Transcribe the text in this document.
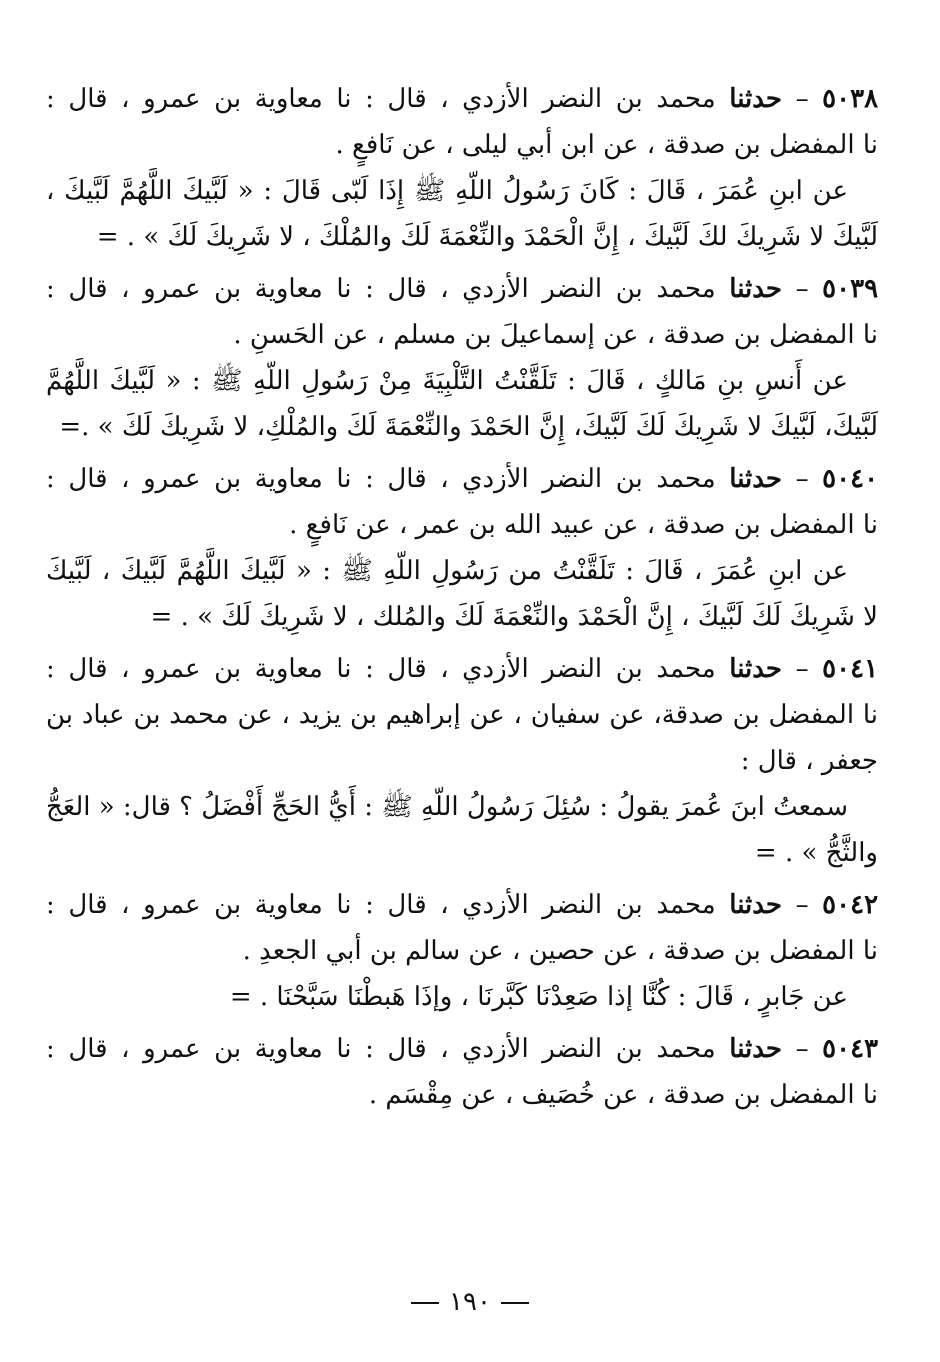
٥٠٣٨ – حدثنا محمد بن النضر الأزدي ، قال : نا معاوية بن عمرو ، قال :
نا المفضل بن صدقة ، عن ابن أبي ليلى ، عن نَافعٍ .
عن ابنِ عُمَرَ ، قَالَ : كَانَ رَسُولُ اللّهِ ﷺ إِذَا لَبّى قَالَ : « لَبَّيكَ اللَّهُمَّ لَبَّيكَ ،
لَبَّيكَ لا شَرِيكَ لكَ لَبَّيكَ ، إِنَّ الْحَمْدَ والنِّعْمَةَ لَكَ والمُلْكَ ، لا شَرِيكَ لَكَ » . =
٥٠٣٩ – حدثنا محمد بن النضر الأزدي ، قال : نا معاوية بن عمرو ، قال :
نا المفضل بن صدقة ، عن إسماعيلَ بن مسلم ، عن الحَسنِ .
عن أَنسِ بنِ مَالكٍ ، قَالَ : تَلَقَّنْتُ التَّلْبِيَةَ مِنْ رَسُولِ اللّهِ ﷺ : « لَبَّيكَ اللَّهُمَّ
لَبَّيكَ، لَبَّيكَ لا شَرِيكَ لَكَ لَبَّيكَ، إِنَّ الحَمْدَ والنِّعْمَةَ لَكَ والمُلْكِ، لا شَرِيكَ لَكَ » .=
٥٠٤٠ – حدثنا محمد بن النضر الأزدي ، قال : نا معاوية بن عمرو ، قال :
نا المفضل بن صدقة ، عن عبيد الله بن عمر ، عن نَافعٍ .
عن ابنِ عُمَرَ ، قَالَ : تَلَقَّنْتُ من رَسُولِ اللّهِ ﷺ : « لَبَّيكَ اللَّهُمَّ لَبَّيكَ ، لَبَّيكَ
لا شَرِيكَ لَكَ لَبَّيكَ ، إِنَّ الْحَمْدَ والنِّعْمَةَ لَكَ والمُلك ، لا شَرِيكَ لَكَ » . =
٥٠٤١ – حدثنا محمد بن النضر الأزدي ، قال : نا معاوية بن عمرو ، قال :
نا المفضل بن صدقة، عن سفيان ، عن إبراهيم بن يزيد ، عن محمد بن عباد بن
جعفر ، قال :
سمعتُ ابنَ عُمرَ يقولُ : سُئِلَ رَسُولُ اللّهِ ﷺ : أَيُّ الحَجِّ أَفْضَلُ ؟ قال: « العَجُّ
والثَّجُّ » . =
٥٠٤٢ – حدثنا محمد بن النضر الأزدي ، قال : نا معاوية بن عمرو ، قال :
نا المفضل بن صدقة ، عن حصين ، عن سالم بن أبي الجعدِ .
عن جَابرٍ ، قَالَ : كُنَّا إذا صَعِدْنَا كَبَّرنَا ، وإذَا هَبطْنَا سَبَّحْنَا . =
٥٠٤٣ – حدثنا محمد بن النضر الأزدي ، قال : نا معاوية بن عمرو ، قال :
نا المفضل بن صدقة ، عن خُصَيف ، عن مِقْسَم .
١٩٠
